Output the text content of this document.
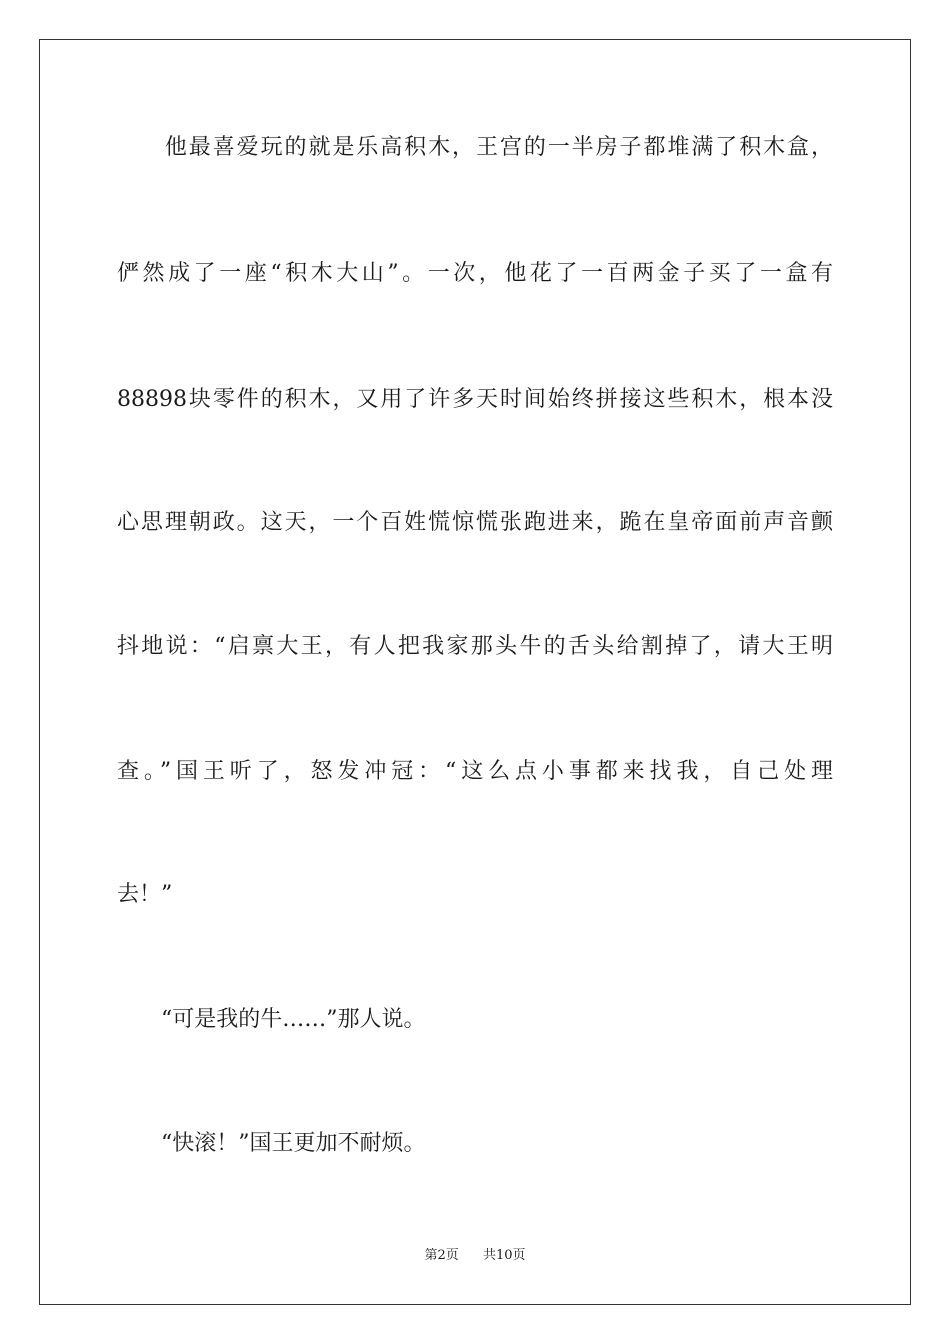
　　他最喜爱玩的就是乐高积木，王宫的一半房子都堆满了积木盒，
俨然成了一座“积木大山”。一次，他花了一百两金子买了一盒有
88898块零件的积木，又用了许多天时间始终拼接这些积木，根本没
心思理朝政。这天，一个百姓慌惊慌张跑进来，跪在皇帝面前声音颤
抖地说：“启禀大王，有人把我家那头牛的舌头给割掉了，请大王明
查。”国王听了，怒发冲冠：“这么点小事都来找我，自己处理
去！”
　　“可是我的牛……”那人说。
　　“快滚！”国王更加不耐烦。
第2页 共10页
